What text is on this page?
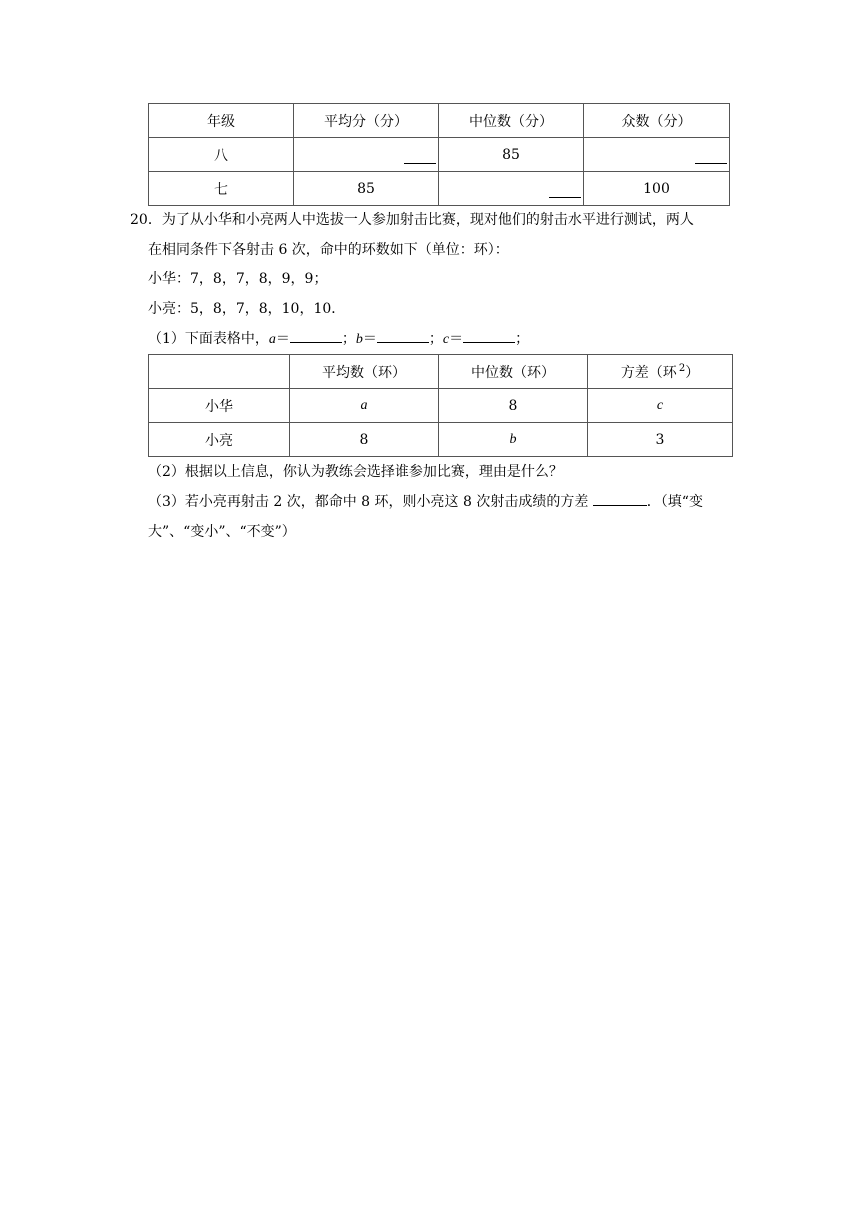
年级	平均分（分）	中位数（分）	众数（分）
八		85	

七	85		100
20．为了从小华和小亮两人中选拔一人参加射击比赛，现对他们的射击水平进行测试，两人
在相同条件下各射击 6 次，命中的环数如下（单位：环）：
小华：7，8，7，8，9，9；
小亮：5，8，7，8，10，10．
（1）下面表格中，a＝	；b＝	；c＝	；
	平均数（环）	中位数（环）	方差（环 $^2$）
小华	a	8	c
小亮	8	b	3
（2）根据以上信息，你认为教练会选择谁参加比赛，理由是什么？
（3）若小亮再射击 2 次，都命中 8 环，则小亮这 8 次射击成绩的方差	．（填“变
大”、“变小”、“不变”）
